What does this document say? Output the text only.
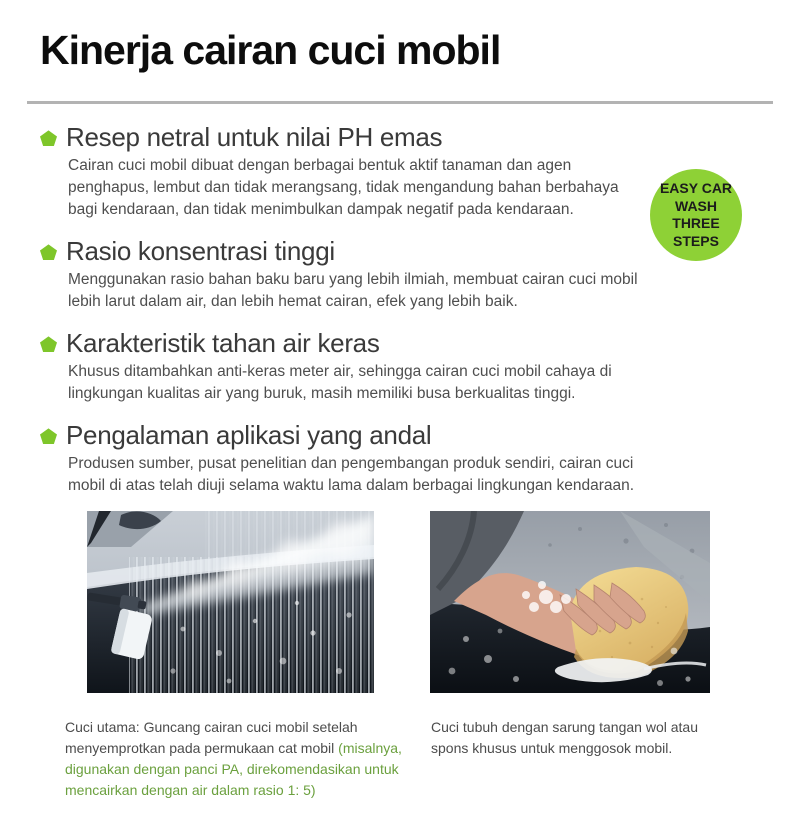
Kinerja cairan cuci mobil
EASY CAR
WASH THREE
STEPS
Resep netral untuk nilai PH emas

Cairan cuci mobil dibuat dengan berbagai bentuk aktif tanaman dan agen penghapus, lembut dan tidak merangsang, tidak mengandung bahan berbahaya bagi kendaraan, dan tidak menimbulkan dampak negatif pada kendaraan.

Rasio konsentrasi tinggi

Menggunakan rasio bahan baku baru yang lebih ilmiah, membuat cairan cuci mobil lebih larut dalam air, dan lebih hemat cairan, efek yang lebih baik.

Karakteristik tahan air keras

Khusus ditambahkan anti-keras meter air, sehingga cairan cuci mobil cahaya di lingkungan kualitas air yang buruk, masih memiliki busa berkualitas tinggi.

Pengalaman aplikasi yang andal

Produsen sumber, pusat penelitian dan pengembangan produk sendiri, cairan cuci mobil di atas telah diuji selama waktu lama dalam berbagai lingkungan kendaraan.

Cuci utama: Guncang cairan cuci mobil setelah menyemprotkan pada permukaan cat mobil (misalnya, digunakan dengan panci PA, direkomendasikan untuk mencairkan dengan air dalam rasio 1: 5)

Cuci tubuh dengan sarung tangan wol atau spons khusus untuk menggosok mobil.
